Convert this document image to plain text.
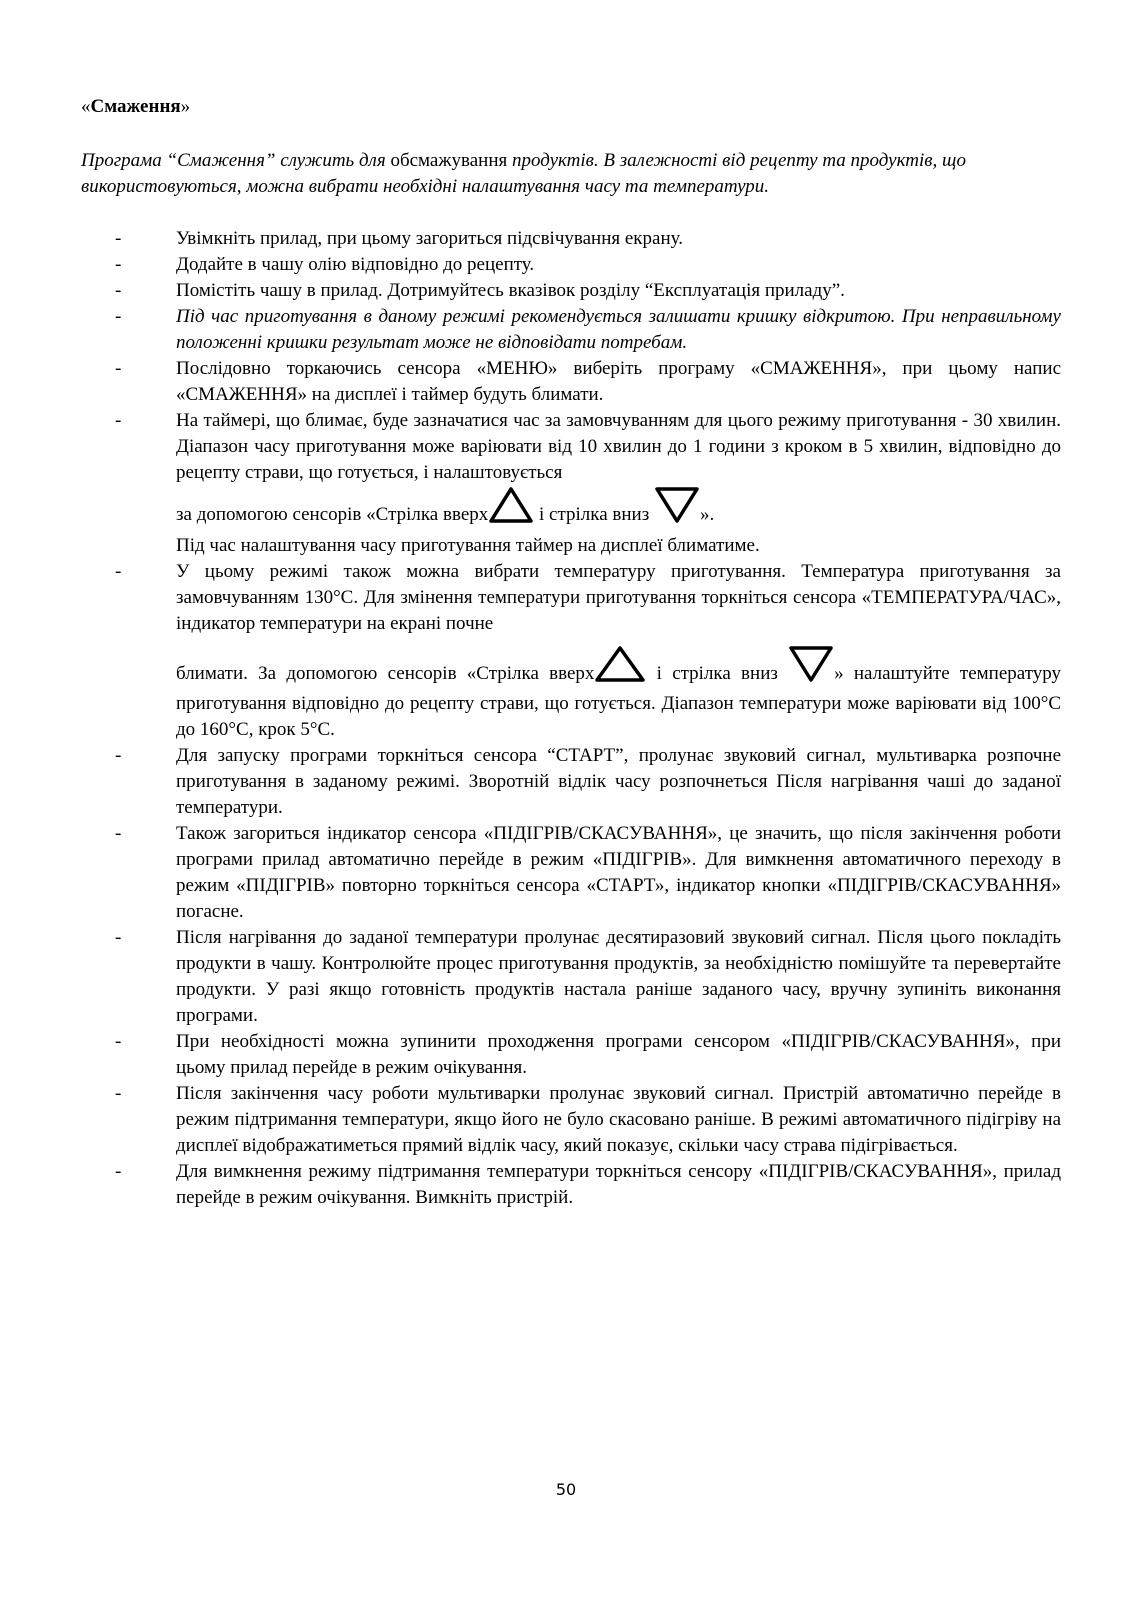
«Смаження»
Програма “Смаження” служить для обсмажування продуктів. В залежності від рецепту та продуктів, що використовуються, можна вибрати необхідні налаштування часу та температури.
-	Увімкніть прилад, при цьому загориться підсвічування екрану.
-	Додайте в чашу олію відповідно до рецепту.
-	Помістіть чашу в прилад. Дотримуйтесь вказівок розділу “Експлуатація приладу”.
-	Під час приготування в даному режимі рекомендується залишати кришку відкритою. При неправильному положенні кришки результат може не відповідати потребам.
-	Послідовно торкаючись сенсора «МЕНЮ» виберіть програму «СМАЖЕННЯ», при цьому напис «СМАЖЕННЯ» на дисплеї і таймер будуть блимати.
-	На таймері, що блимає, буде зазначатися час за замовчуванням для цього режиму приготування - 30 хвилин. Діапазон часу приготування може варіювати від 10 хвилин до 1 години з кроком в 5 хвилин, відповідно до рецепту страви, що готується, і налаштовується
за допомогою сенсорів «Стрілка вверх і стрілка вниз ».
Під час налаштування часу приготування таймер на дисплеї блиматиме.
-	У цьому режимі також можна вибрати температуру приготування. Температура приготування за замовчуванням 130°С. Для змінення температури приготування торкніться сенсора «ТЕМПЕРАТУРА/ЧАС», індикатор температури на екрані почне
блимати. За допомогою сенсорів «Стрілка вверх	і стрілка вниз » налаштуйте температуру приготування відповідно до рецепту страви, що готується. Діапазон температури може варіювати від 100°С до 160°С, крок 5°С.
-	Для запуску програми торкніться сенсора “СТАРТ”, пролунає звуковий сигнал, мультиварка розпочне приготування в заданому режимі. Зворотній відлік часу розпочнеться Після нагрівання чаші до заданої температури.
-	Також загориться індикатор сенсора «ПІДІГРІВ/СКАСУВАННЯ», це значить, що після закінчення роботи програми прилад автоматично перейде в режим «ПІДІГРІВ». Для вимкнення автоматичного переходу в режим «ПІДІГРІВ» повторно торкніться сенсора «СТАРТ», індикатор кнопки «ПІДІГРІВ/СКАСУВАННЯ» погасне.
-	Після нагрівання до заданої температури пролунає десятиразовий звуковий сигнал. Після цього покладіть продукти в чашу. Контролюйте процес приготування продуктів, за необхідністю помішуйте та перевертайте продукти. У разі якщо готовність продуктів настала раніше заданого часу, вручну зупиніть виконання програми.
-	При необхідності можна зупинити проходження програми сенсором «ПІДІГРІВ/СКАСУВАННЯ», при цьому прилад перейде в режим очікування.
-	Після закінчення часу роботи мультиварки пролунає звуковий сигнал. Пристрій автоматично перейде в режим підтримання температури, якщо його не було скасовано раніше. В режимі автоматичного підігріву на дисплеї відображатиметься прямий відлік часу, який показує, скільки часу страва підігрівається.
-	Для вимкнення режиму підтримання температури торкніться сенсору «ПІДІГРІВ/СКАСУВАННЯ», прилад перейде в режим очікування. Вимкніть пристрій.
50
